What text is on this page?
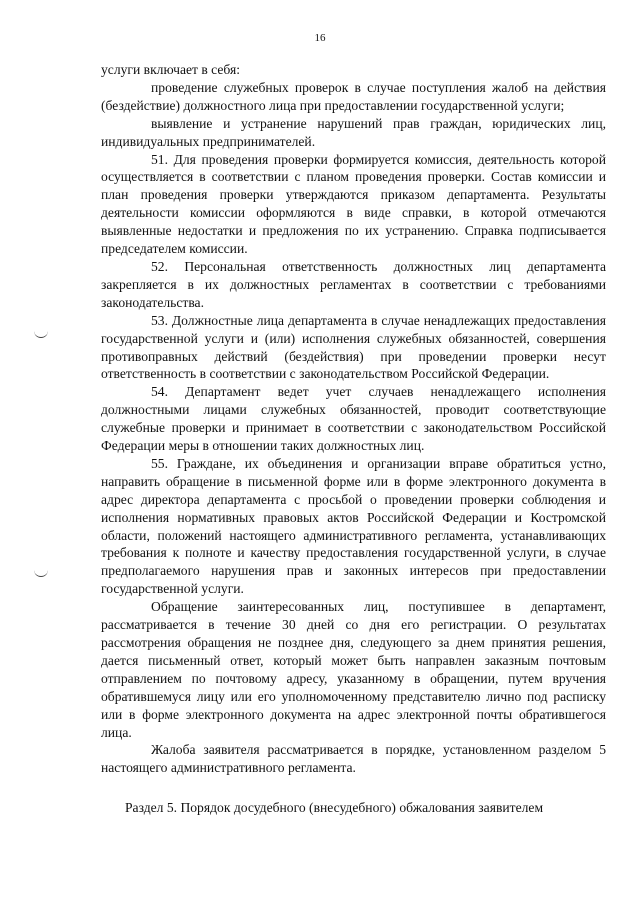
16

услуги включает в себя:

проведение служебных проверок в случае поступления жалоб на действия (бездействие) должностного лица при предоставлении государственной услуги;

выявление и устранение нарушений прав граждан, юридических лиц, индивидуальных предпринимателей.

51. Для проведения проверки формируется комиссия, деятельность которой осуществляется в соответствии с планом проведения проверки. Состав комиссии и план проведения проверки утверждаются приказом департамента. Результаты деятельности комиссии оформляются в виде справки, в которой отмечаются выявленные недостатки и предложения по их устранению. Справка подписывается председателем комиссии.

52. Персональная ответственность должностных лиц департамента закрепляется в их должностных регламентах в соответствии с требованиями законодательства.

53. Должностные лица департамента в случае ненадлежащих предоставления государственной услуги и (или) исполнения служебных обязанностей, совершения противоправных действий (бездействия) при проведении проверки несут ответственность в соответствии с законодательством Российской Федерации.

54. Департамент ведет учет случаев ненадлежащего исполнения должностными лицами служебных обязанностей, проводит соответствующие служебные проверки и принимает в соответствии с законодательством Российской Федерации меры в отношении таких должностных лиц.

55. Граждане, их объединения и организации вправе обратиться устно, направить обращение в письменной форме или в форме электронного документа в адрес директора департамента с просьбой о проведении проверки соблюдения и исполнения нормативных правовых актов Российской Федерации и Костромской области, положений настоящего административного регламента, устанавливающих требования к полноте и качеству предоставления государственной услуги, в случае предполагаемого нарушения прав и законных интересов при предоставлении государственной услуги.

Обращение заинтересованных лиц, поступившее в департамент, рассматривается в течение 30 дней со дня его регистрации. О результатах рассмотрения обращения не позднее дня, следующего за днем принятия решения, дается письменный ответ, который может быть направлен заказным почтовым отправлением по почтовому адресу, указанному в обращении, путем вручения обратившемуся лицу или его уполномоченному представителю лично под расписку или в форме электронного документа на адрес электронной почты обратившегося лица.

Жалоба заявителя рассматривается в порядке, установленном разделом 5 настоящего административного регламента.

Раздел 5. Порядок досудебного (внесудебного) обжалования заявителем
